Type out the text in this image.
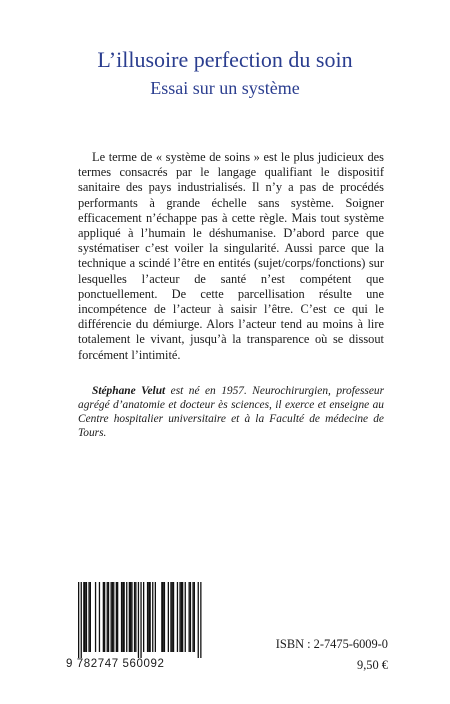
L’illusoire perfection du soin
Essai sur un système

Le terme de « système de soins » est le plus judicieux des termes consacrés par le langage qualifiant le dispositif sanitaire des pays industrialisés. Il n’y a pas de procédés performants à grande échelle sans système. Soigner efficacement n’échappe pas à cette règle. Mais tout système appliqué à l’humain le déshumanise. D’abord parce que systématiser c’est voiler la singularité. Aussi parce que la technique a scindé l’être en entités (sujet/corps/fonctions) sur lesquelles l’acteur de santé n’est compétent que ponctuellement. De cette parcellisation résulte une incompétence de l’acteur à saisir l’être. C’est ce qui le différencie du démiurge. Alors l’acteur tend au moins à lire totalement le vivant, jusqu’à la transparence où se dissout forcément l’intimité.

Stéphane Velut est né en 1957. Neurochirurgien, professeur agrégé d’anatomie et docteur ès sciences, il exerce et enseigne au Centre hospitalier universitaire et à la Faculté de médecine de Tours.

9 782747 560092

ISBN : 2-7475-6009-0

9,50 €
